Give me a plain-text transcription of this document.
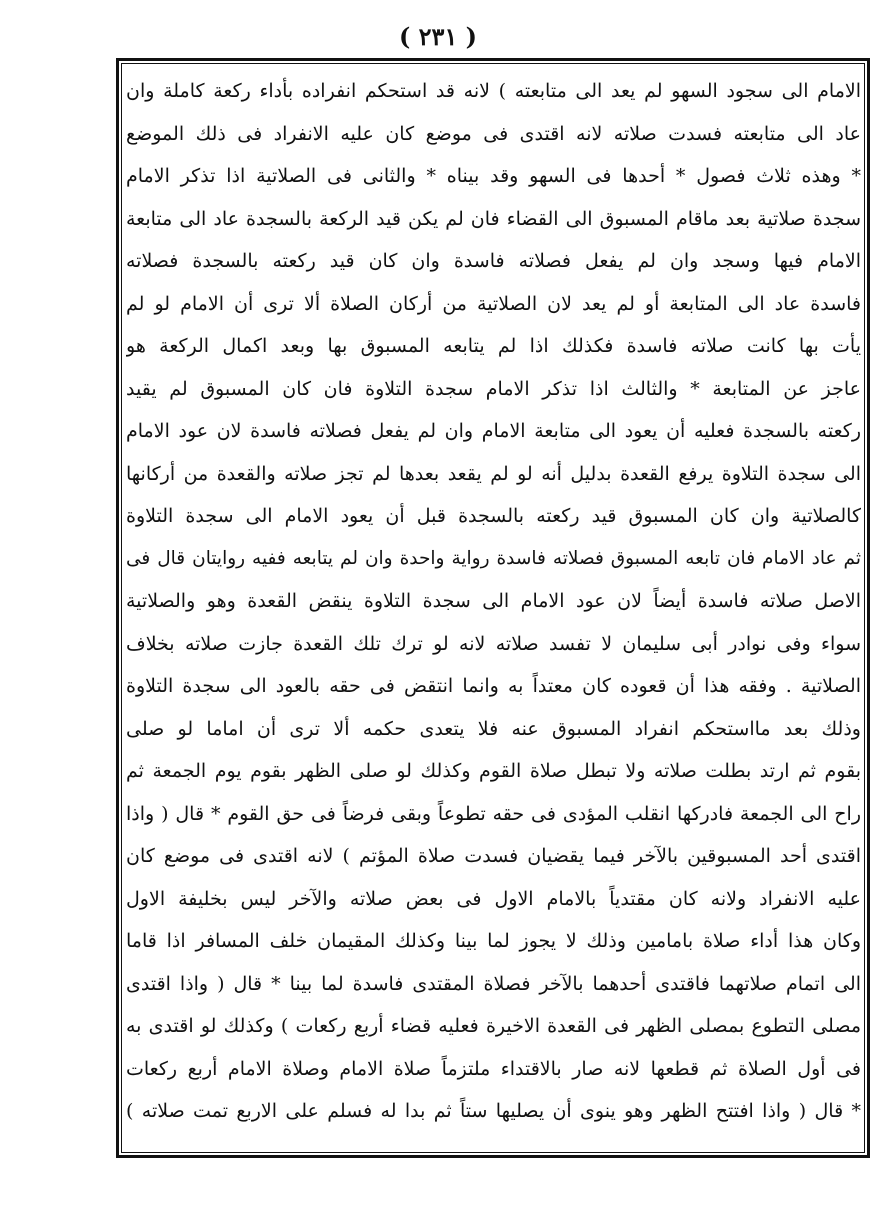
( ٢٣١ )
الامام الى سجود السهو لم يعد الى متابعته ) لانه قد استحكم انفراده بأداء ركعة كاملة وان
عاد الى متابعته فسدت صلاته لانه اقتدى فى موضع كان عليه الانفراد فى ذلك الموضع
* وهذه ثلاث فصول * أحدها فى السهو وقد بيناه * والثانى فى الصلاتية اذا تذكر الامام
سجدة صلاتية بعد ماقام المسبوق الى القضاء فان لم يكن قيد الركعة بالسجدة عاد الى متابعة
الامام فيها وسجد وان لم يفعل فصلاته فاسدة وان كان قيد ركعته بالسجدة فصلاته
فاسدة عاد الى المتابعة أو لم يعد لان الصلاتية من أركان الصلاة ألا ترى أن الامام لو لم
يأت بها كانت صلاته فاسدة فكذلك اذا لم يتابعه المسبوق بها وبعد اكمال الركعة هو
عاجز عن المتابعة * والثالث اذا تذكر الامام سجدة التلاوة فان كان المسبوق لم يقيد
ركعته بالسجدة فعليه أن يعود الى متابعة الامام وان لم يفعل فصلاته فاسدة لان عود الامام
الى سجدة التلاوة يرفع القعدة بدليل أنه لو لم يقعد بعدها لم تجز صلاته والقعدة من أركانها
كالصلاتية وان كان المسبوق قيد ركعته بالسجدة قبل أن يعود الامام الى سجدة التلاوة
ثم عاد الامام فان تابعه المسبوق فصلاته فاسدة رواية واحدة وان لم يتابعه ففيه روايتان قال فى
الاصل صلاته فاسدة أيضاً لان عود الامام الى سجدة التلاوة ينقض القعدة وهو والصلاتية
سواء وفى نوادر أبى سليمان لا تفسد صلاته لانه لو ترك تلك القعدة جازت صلاته بخلاف
الصلاتية . وفقه هذا أن قعوده كان معتداً به وانما انتقض فى حقه بالعود الى سجدة التلاوة
وذلك بعد مااستحكم انفراد المسبوق عنه فلا يتعدى حكمه ألا ترى أن اماما لو صلى
بقوم ثم ارتد بطلت صلاته ولا تبطل صلاة القوم وكذلك لو صلى الظهر بقوم يوم الجمعة ثم
راح الى الجمعة فادركها انقلب المؤدى فى حقه تطوعاً وبقى فرضاً فى حق القوم * قال ( واذا
اقتدى أحد المسبوقين بالآخر فيما يقضيان فسدت صلاة المؤتم ) لانه اقتدى فى موضع كان
عليه الانفراد ولانه كان مقتدياً بالامام الاول فى بعض صلاته والآخر ليس بخليفة الاول
وكان هذا أداء صلاة بامامين وذلك لا يجوز لما بينا وكذلك المقيمان خلف المسافر اذا قاما
الى اتمام صلاتهما فاقتدى أحدهما بالآخر فصلاة المقتدى فاسدة لما بينا * قال ( واذا اقتدى
مصلى التطوع بمصلى الظهر فى القعدة الاخيرة فعليه قضاء أربع ركعات ) وكذلك لو اقتدى به
فى أول الصلاة ثم قطعها لانه صار بالاقتداء ملتزماً صلاة الامام وصلاة الامام أربع ركعات
* قال ( واذا افتتح الظهر وهو ينوى أن يصليها ستاً ثم بدا له فسلم على الاربع تمت صلاته )
